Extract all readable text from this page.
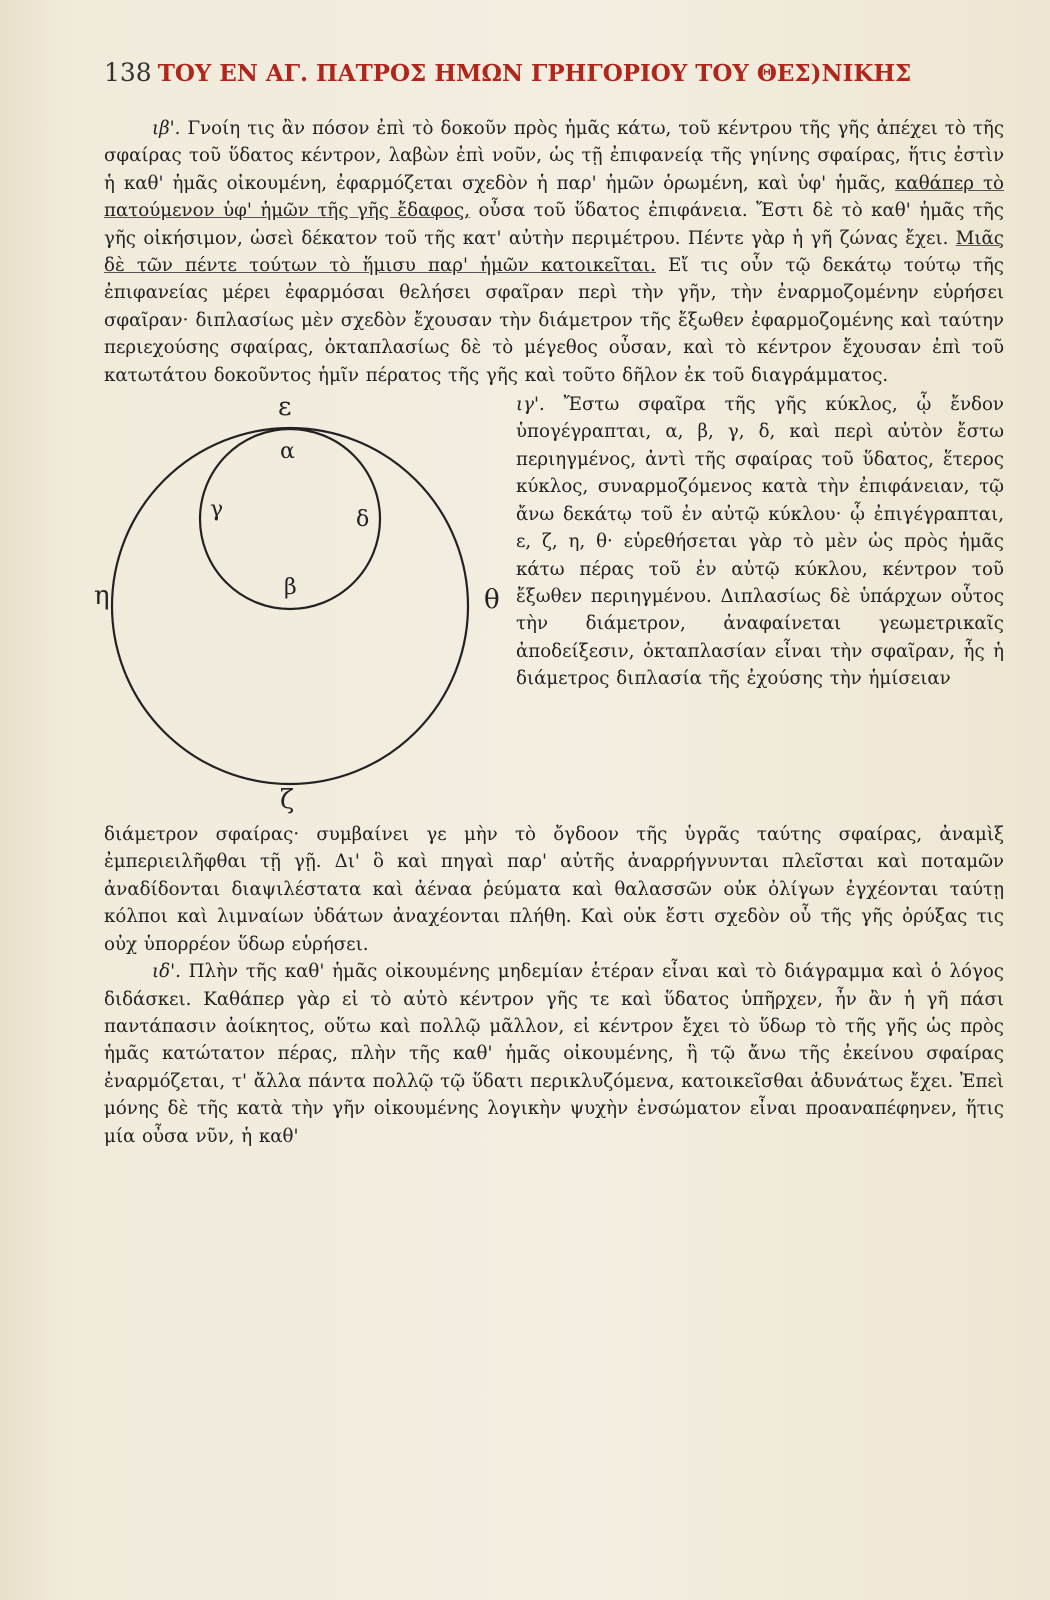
138 ΤΟΥ ΕΝ ΑΓ. ΠΑΤΡΟΣ ΗΜΩΝ ΓΡΗΓΟΡΙΟΥ ΤΟΥ ΘΕΣ)ΝΙΚΗΣ

ιβ'. Γνοίη τις ἂν πόσον ἐπὶ τὸ δοκοῦν πρὸς ἡμᾶς κάτω, τοῦ κέντρου τῆς γῆς ἀπέχει τὸ τῆς σφαίρας τοῦ ὕδατος κέντρον, λαβὼν ἐπὶ νοῦν, ὡς τῇ ἐπιφανείᾳ τῆς γηίνης σφαίρας, ἥτις ἐστὶν ἡ καθ' ἡμᾶς οἰκουμένη, ἐφαρμόζεται σχεδὸν ἡ παρ' ἡμῶν ὁρωμένη, καὶ ὑφ' ἡμᾶς, καθάπερ τὸ πατούμενον ὑφ' ἡμῶν τῆς γῆς ἔδαφος, οὖσα τοῦ ὕδατος ἐπιφάνεια. Ἔστι δὲ τὸ καθ' ἡμᾶς τῆς γῆς οἰκήσιμον, ὡσεὶ δέκατον τοῦ τῆς κατ' αὐτὴν περιμέτρου. Πέντε γὰρ ἡ γῆ ζώνας ἔχει. Μιᾶς δὲ τῶν πέντε τούτων τὸ ἥμισυ παρ' ἡμῶν κατοικεῖται. Εἴ τις οὖν τῷ δεκάτῳ τούτῳ τῆς ἐπιφανείας μέρει ἐφαρμόσαι θελήσει σφαῖραν περὶ τὴν γῆν, τὴν ἐναρμοζομένην εὑρήσει σφαῖραν· διπλασίως μὲν σχεδὸν ἔχουσαν τὴν διάμετρον τῆς ἔξωθεν ἐφαρμοζομένης καὶ ταύτην περιεχούσης σφαίρας, ὀκταπλασίως δὲ τὸ μέγεθος οὖσαν, καὶ τὸ κέντρον ἔχουσαν ἐπὶ τοῦ κατωτάτου δοκοῦντος ἡμῖν πέρατος τῆς γῆς καὶ τοῦτο δῆλον ἐκ τοῦ διαγράμματος.

ε
α
γ	δ
β
η	θ
ζ

ιγ'. Ἔστω σφαῖρα τῆς γῆς κύκλος, ᾧ ἔνδον ὑπογέγραπται, α, β, γ, δ, καὶ περὶ αὐτὸν ἔστω περιηγμένος, ἀντὶ τῆς σφαίρας τοῦ ὕδατος, ἕτερος κύκλος, συναρμοζόμενος κατὰ τὴν ἐπιφάνειαν, τῷ ἄνω δεκάτῳ τοῦ ἐν αὐτῷ κύκλου· ᾧ ἐπιγέγραπται, ε, ζ, η, θ· εὑρεθήσεται γὰρ τὸ μὲν ὡς πρὸς ἡμᾶς κάτω πέρας τοῦ ἐν αὐτῷ κύκλου, κέντρον τοῦ ἔξωθεν περιηγμένου. Διπλασίως δὲ ὑπάρχων οὗτος τὴν διάμετρον, ἀναφαίνεται γεωμετρικαῖς ἀποδείξεσιν, ὀκταπλασίαν εἶναι τὴν σφαῖραν, ἧς ἡ διάμετρος διπλασία τῆς ἐχούσης τὴν ἡμίσειαν

διάμετρον σφαίρας· συμβαίνει γε μὴν τὸ ὄγδοον τῆς ὑγρᾶς ταύτης σφαίρας, ἀναμὶξ ἐμπεριειλῆφθαι τῇ γῇ. Δι' ὃ καὶ πηγαὶ παρ' αὐτῆς ἀναρρήγνυνται πλεῖσται καὶ ποταμῶν ἀναδίδονται διαψιλέστατα καὶ ἀέναα ῥεύματα καὶ θαλασσῶν οὐκ ὀλίγων ἐγχέονται ταύτῃ κόλποι καὶ λιμναίων ὑδάτων ἀναχέονται πλήθη. Καὶ οὐκ ἔστι σχεδὸν οὗ τῆς γῆς ὀρύξας τις οὐχ ὑπορρέον ὕδωρ εὑρήσει.

ιδ'. Πλὴν τῆς καθ' ἡμᾶς οἰκουμένης μηδεμίαν ἑτέραν εἶναι καὶ τὸ διάγραμμα καὶ ὁ λόγος διδάσκει. Καθάπερ γὰρ εἰ τὸ αὐτὸ κέντρον γῆς τε καὶ ὕδατος ὑπῆρχεν, ἦν ἂν ἡ γῆ πάσι παντάπασιν ἀοίκητος, οὕτω καὶ πολλῷ μᾶλλον, εἰ κέντρον ἔχει τὸ ὕδωρ τὸ τῆς γῆς ὡς πρὸς ἡμᾶς κατώτατον πέρας, πλὴν τῆς καθ' ἡμᾶς οἰκουμένης, ἣ τῷ ἄνω τῆς ἐκείνου σφαίρας ἐναρμόζεται, τ' ἄλλα πάντα πολλῷ τῷ ὕδατι περικλυζόμενα, κατοικεῖσθαι ἀδυνάτως ἔχει. Ἐπεὶ μόνης δὲ τῆς κατὰ τὴν γῆν οἰκουμένης λογικὴν ψυχὴν ἐνσώματον εἶναι προαναπέφηνεν, ἥτις μία οὖσα νῦν, ἡ καθ'
